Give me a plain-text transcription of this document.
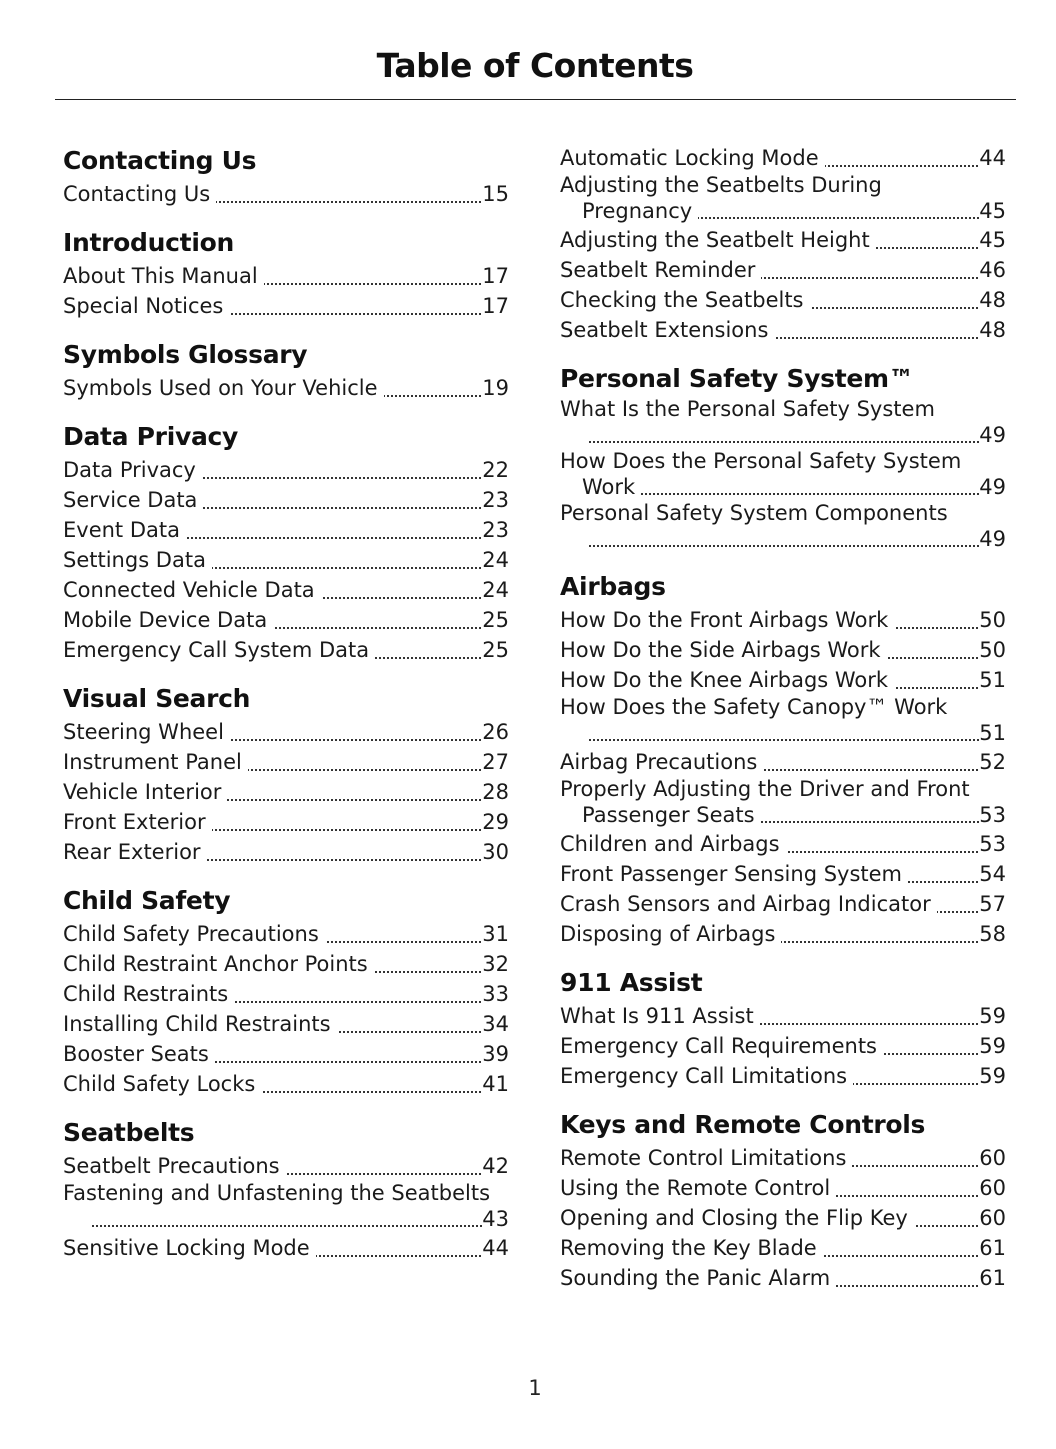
Table of Contents
Contacting Us
Contacting Us	15
Introduction
About This Manual	17
Special Notices	17
Symbols Glossary
Symbols Used on Your Vehicle	19
Data Privacy
Data Privacy	22
Service Data	23
Event Data	23
Settings Data	24
Connected Vehicle Data	24
Mobile Device Data	25
Emergency Call System Data	25
Visual Search
Steering Wheel	26
Instrument Panel	27
Vehicle Interior	28
Front Exterior	29
Rear Exterior	30
Child Safety
Child Safety Precautions	31
Child Restraint Anchor Points	32
Child Restraints	33
Installing Child Restraints	34
Booster Seats	39
Child Safety Locks	41
Seatbelts
Seatbelt Precautions	42
Fastening and Unfastening the Seatbelts
43
Sensitive Locking Mode	44
Automatic Locking Mode	44
Adjusting the Seatbelts During
Pregnancy	45
Adjusting the Seatbelt Height	45
Seatbelt Reminder	46
Checking the Seatbelts	48
Seatbelt Extensions	48
Personal Safety System™
What Is the Personal Safety System
49
How Does the Personal Safety System
Work	49
Personal Safety System Components
49
Airbags
How Do the Front Airbags Work	50
How Do the Side Airbags Work	50
How Do the Knee Airbags Work	51
How Does the Safety Canopy™ Work
51
Airbag Precautions	52
Properly Adjusting the Driver and Front
Passenger Seats	53
Children and Airbags	53
Front Passenger Sensing System	54
Crash Sensors and Airbag Indicator 57
Disposing of Airbags	58
911 Assist
What Is 911 Assist	59
Emergency Call Requirements	59
Emergency Call Limitations	59
Keys and Remote Controls
Remote Control Limitations	60
Using the Remote Control	60
Opening and Closing the Flip Key	60
Removing the Key Blade	61
Sounding the Panic Alarm	61
1
